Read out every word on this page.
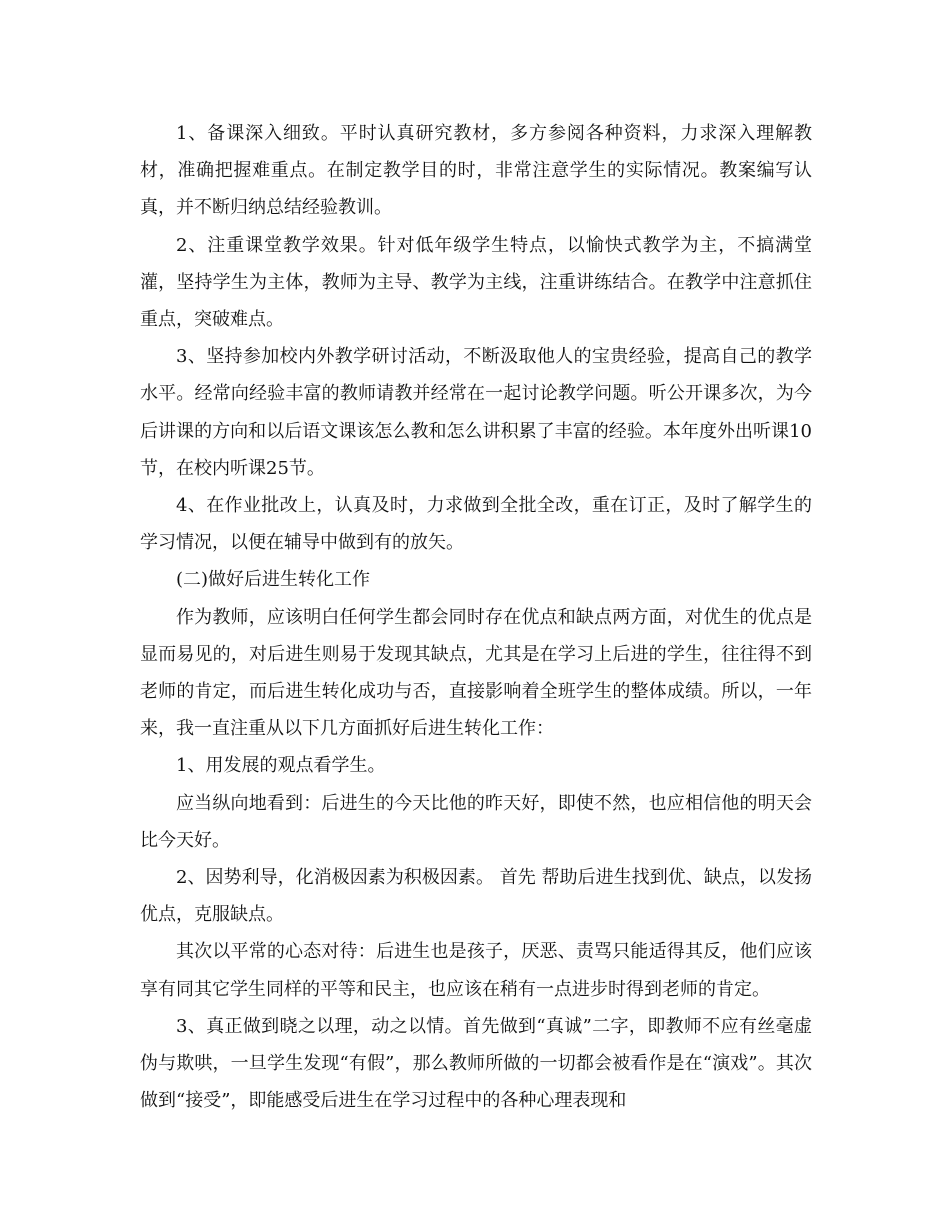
1、备课深入细致。平时认真研究教材，多方参阅各种资料，力求深入理解教材，准确把握难重点。在制定教学目的时，非常注意学生的实际情况。教案编写认真，并不断归纳总结经验教训。

2、注重课堂教学效果。针对低年级学生特点，以愉快式教学为主，不搞满堂灌，坚持学生为主体，教师为主导、教学为主线，注重讲练结合。在教学中注意抓住重点，突破难点。

3、坚持参加校内外教学研讨活动，不断汲取他人的宝贵经验，提高自己的教学水平。经常向经验丰富的教师请教并经常在一起讨论教学问题。听公开课多次，为今后讲课的方向和以后语文课该怎么教和怎么讲积累了丰富的经验。本年度外出听课10节，在校内听课25节。

4、在作业批改上，认真及时，力求做到全批全改，重在订正，及时了解学生的学习情况，以便在辅导中做到有的放矢。

(二)做好后进生转化工作

作为教师，应该明白任何学生都会同时存在优点和缺点两方面，对优生的优点是显而易见的，对后进生则易于发现其缺点，尤其是在学习上后进的学生，往往得不到老师的肯定，而后进生转化成功与否，直接影响着全班学生的整体成绩。所以，一年来，我一直注重从以下几方面抓好后进生转化工作：

1、用发展的观点看学生。

应当纵向地看到：后进生的今天比他的昨天好，即使不然，也应相信他的明天会比今天好。

2、因势利导，化消极因素为积极因素。 首先 帮助后进生找到优、缺点，以发扬优点，克服缺点。

其次以平常的心态对待：后进生也是孩子，厌恶、责骂只能适得其反，他们应该享有同其它学生同样的平等和民主，也应该在稍有一点进步时得到老师的肯定。

3、真正做到晓之以理，动之以情。首先做到“真诚”二字，即教师不应有丝毫虚伪与欺哄，一旦学生发现“有假”，那么教师所做的一切都会被看作是在“演戏”。其次做到“接受”，即能感受后进生在学习过程中的各种心理表现和
